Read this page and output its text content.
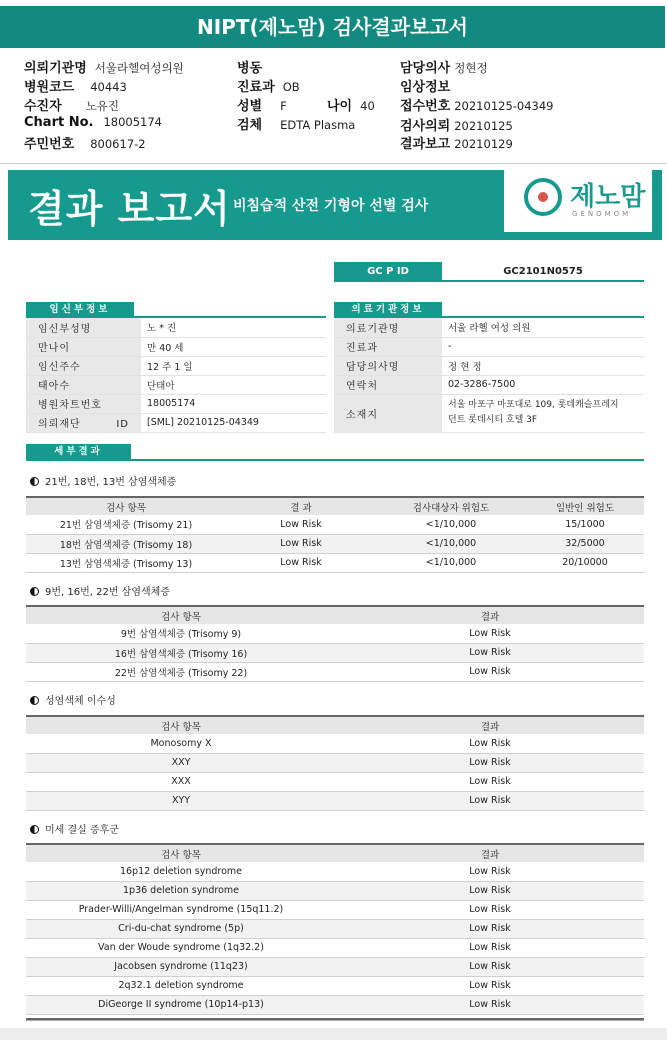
NIPT(제노맘) 검사결과보고서
의뢰기관명 서울라헬여성의원
병원코드 40443
수진자 노유진
Chart No. 18005174
주민번호 800617-2
병동
진료과 OB
성별 F	나이 40
검체 EDTA Plasma
담당의사 정현정
임상정보
접수번호 20210125-04349
검사의뢰 20210125
결과보고 20210129
결과 보고서 비침습적 산전 기형아 선별 검사	제노맘
GENOMOM
GC P ID	GC2101N0575
임신부정보	의료기관정보
임신부성명	노 * 진
만나이	만 40 세
임신주수	12 주 1 일
태아수	단태아
병원차트번호	18005174
의뢰재단 ID	[SML] 20210125-04349
의료기관명	서울 라헬 여성 의원
진료과	-
담당의사명	정 현 정
연락처	02-3286-7500
소재지	서울 마포구 마포대로 109, 롯데캐슬프레지
던트 롯데시티 호텔 3F
세부결과
21번, 18번, 13번 삼염색체증
검사 항목	결 과	검사대상자 위험도	일반인 위험도
21번 삼염색체증 (Trisomy 21)	Low Risk	<1/10,000	15/1000
18번 삼염색체증 (Trisomy 18)	Low Risk	<1/10,000	32/5000
13번 삼염색체증 (Trisomy 13)	Low Risk	<1/10,000	20/10000
9번, 16번, 22번 삼염색체증
검사 항목	결과
9번 삼염색체증 (Trisomy 9)	Low Risk
16번 삼염색체증 (Trisomy 16)	Low Risk
22번 삼염색체증 (Trisomy 22)	Low Risk
성염색체 이수성
검사 항목	결과
Monosomy X	Low Risk
XXY	Low Risk
XXX	Low Risk
XYY	Low Risk
미세 결실 증후군
검사 항목	결과
16p12 deletion syndrome	Low Risk
1p36 deletion syndrome	Low Risk
Prader-Willi/Angelman syndrome (15q11.2)	Low Risk
Cri-du-chat syndrome (5p)	Low Risk
Van der Woude syndrome (1q32.2)	Low Risk
Jacobsen syndrome (11q23)	Low Risk
2q32.1 deletion syndrome	Low Risk
DiGeorge II syndrome (10p14-p13)	Low Risk
